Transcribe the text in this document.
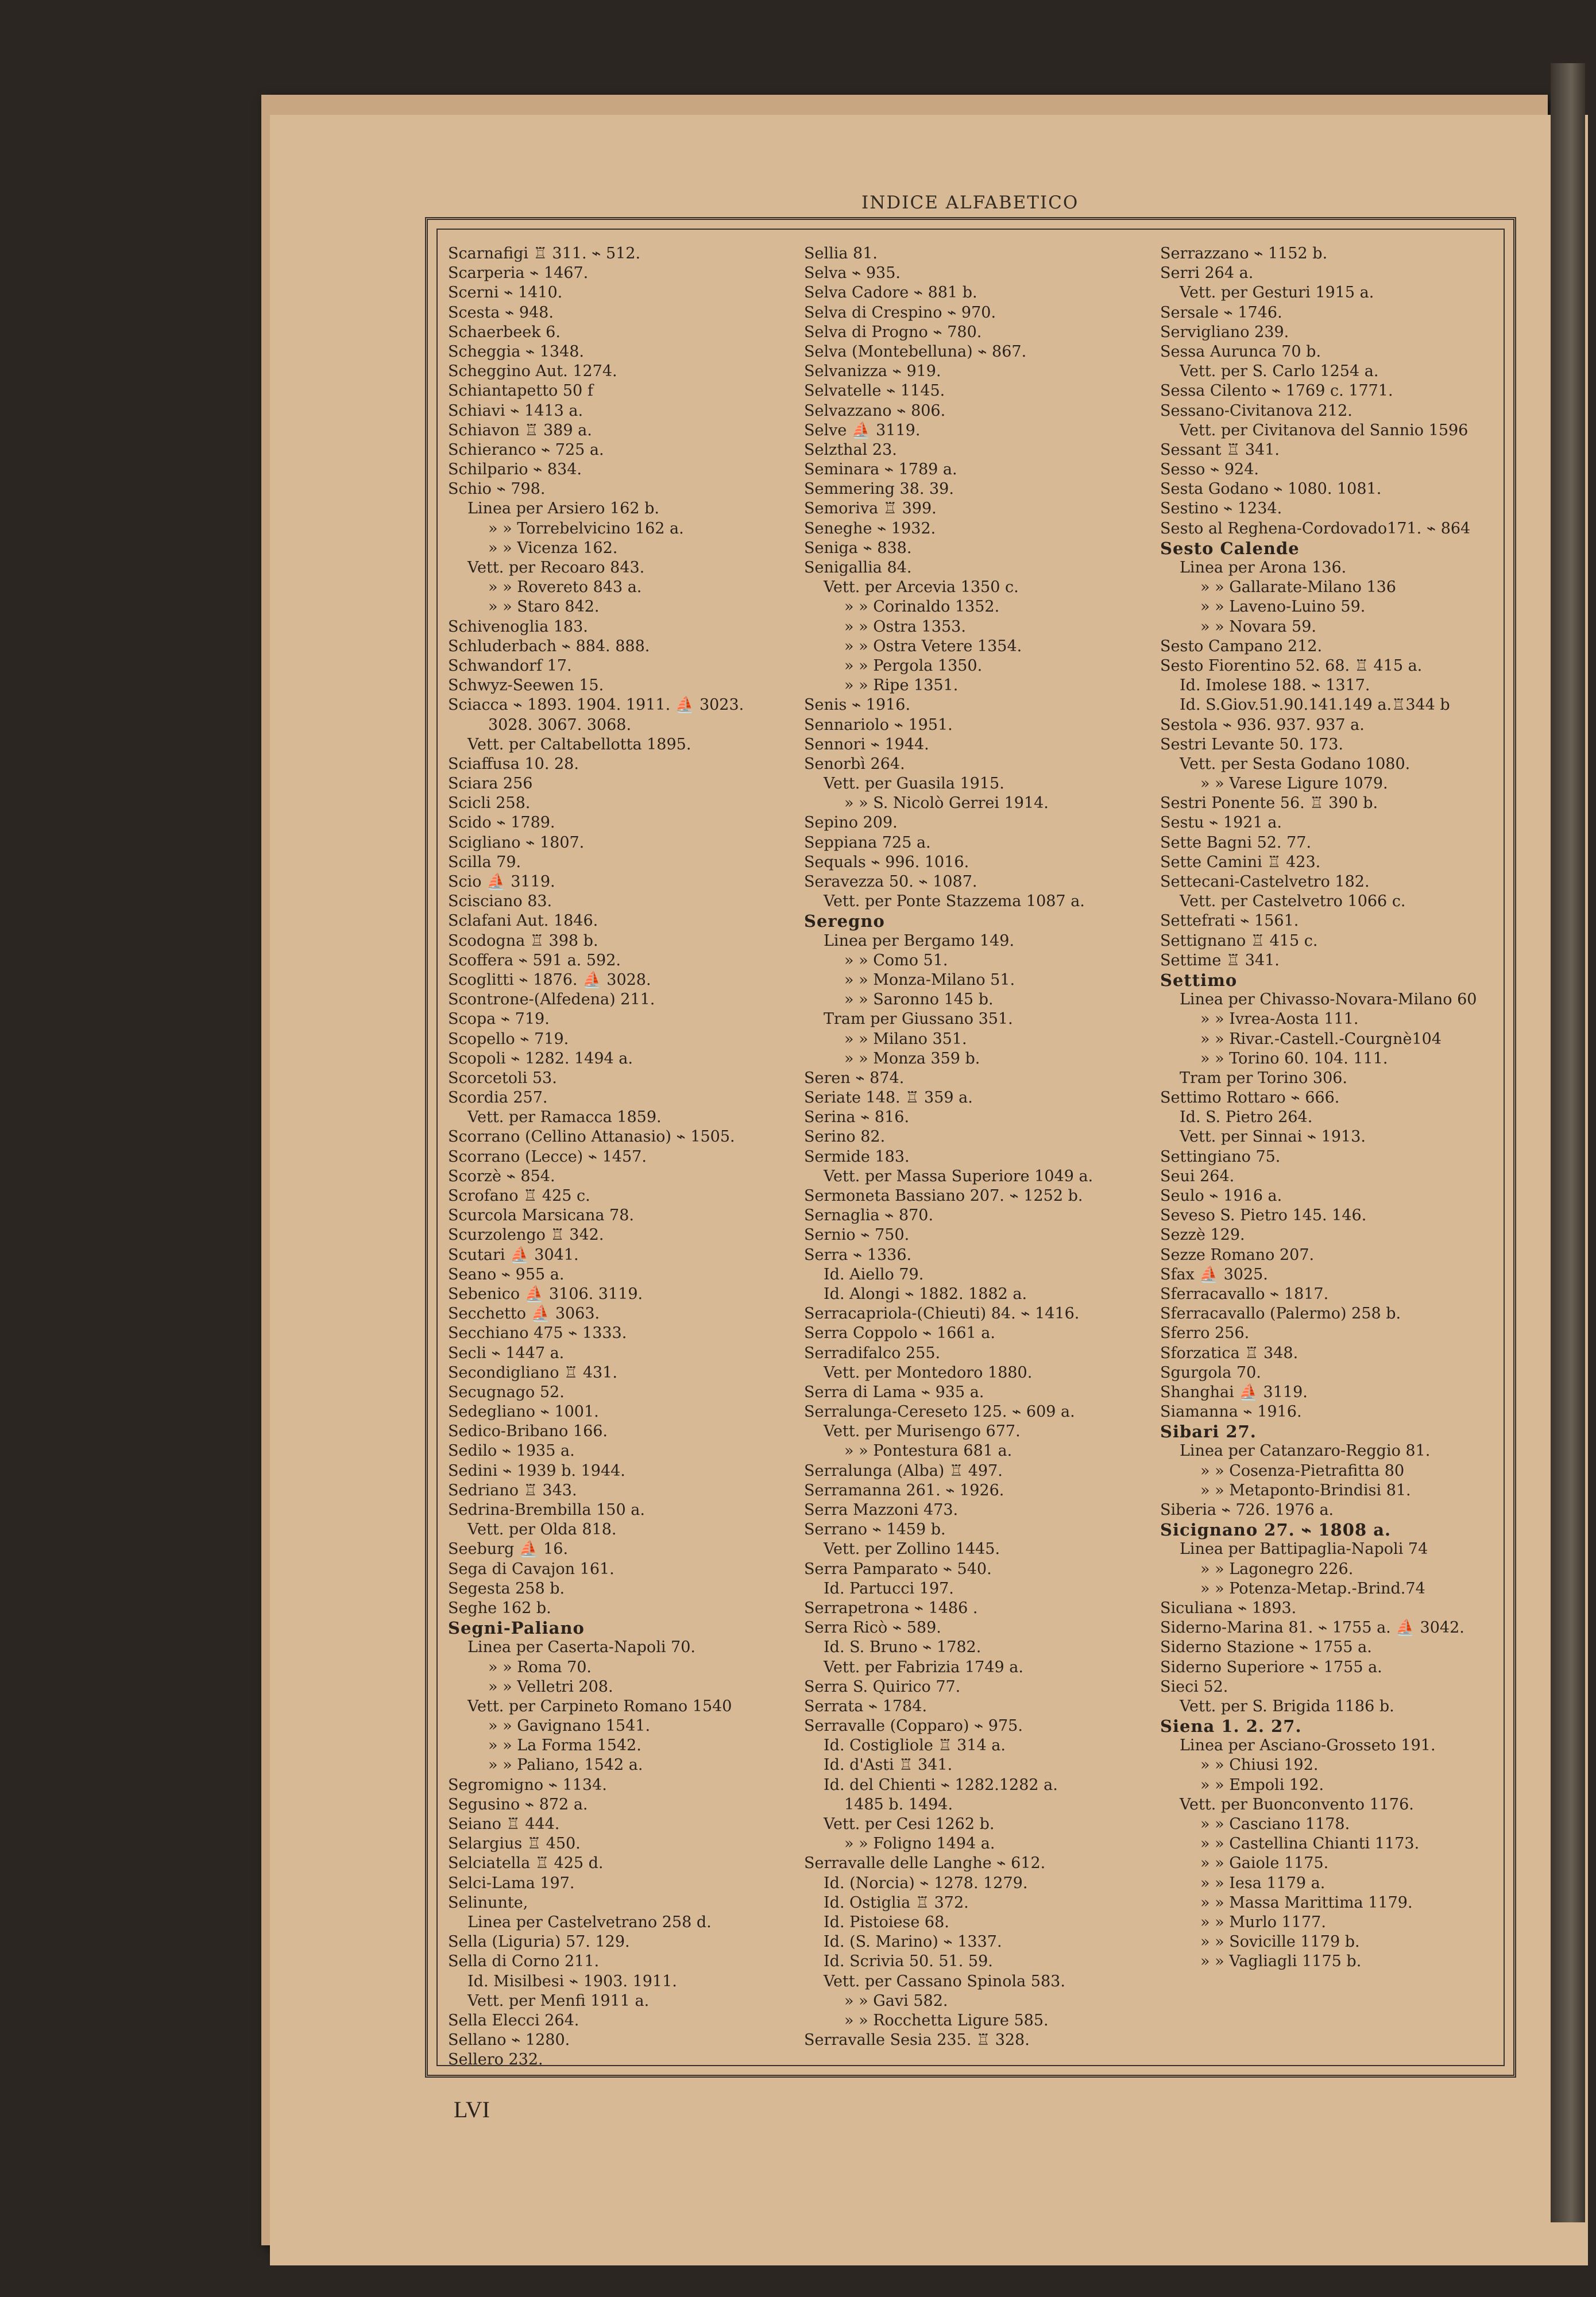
INDICE ALFABETICO
Scarnafigi ♖ 311. ⌁ 512.
Scarperia ⌁ 1467.
Scerni ⌁ 1410.
Scesta ⌁ 948.
Schaerbeek 6.
Scheggia ⌁ 1348.
Scheggino Aut. 1274.
Schiantapetto 50 f
Schiavi ⌁ 1413 a.
Schiavon ♖ 389 a.
Schieranco ⌁ 725 a.
Schilpario ⌁ 834.
Schio ⌁ 798.
Linea per Arsiero 162 b.
» » Torrebelvicino 162 a.
» » Vicenza 162.
Vett. per Recoaro 843.
» » Rovereto 843 a.
» » Staro 842.
Schivenoglia 183.
Schluderbach ⌁ 884. 888.
Schwandorf 17.
Schwyz-Seewen 15.
Sciacca ⌁ 1893. 1904. 1911. ⛵ 3023.
3028. 3067. 3068.
Vett. per Caltabellotta 1895.
Sciaffusa 10. 28.
Sciara 256
Scicli 258.
Scido ⌁ 1789.
Scigliano ⌁ 1807.
Scilla 79.
Scio ⛵ 3119.
Scisciano 83.
Sclafani Aut. 1846.
Scodogna ♖ 398 b.
Scoffera ⌁ 591 a. 592.
Scoglitti ⌁ 1876. ⛵ 3028.
Scontrone-(Alfedena) 211.
Scopa ⌁ 719.
Scopello ⌁ 719.
Scopoli ⌁ 1282. 1494 a.
Scorcetoli 53.
Scordia 257.
Vett. per Ramacca 1859.
Scorrano (Cellino Attanasio) ⌁ 1505.
Scorrano (Lecce) ⌁ 1457.
Scorzè ⌁ 854.
Scrofano ♖ 425 c.
Scurcola Marsicana 78.
Scurzolengo ♖ 342.
Scutari ⛵ 3041.
Seano ⌁ 955 a.
Sebenico ⛵ 3106. 3119.
Secchetto ⛵ 3063.
Secchiano 475 ⌁ 1333.
Secli ⌁ 1447 a.
Secondigliano ♖ 431.
Secugnago 52.
Sedegliano ⌁ 1001.
Sedico-Bribano 166.
Sedilo ⌁ 1935 a.
Sedini ⌁ 1939 b. 1944.
Sedriano ♖ 343.
Sedrina-Brembilla 150 a.
Vett. per Olda 818.
Seeburg ⛵ 16.
Sega di Cavajon 161.
Segesta 258 b.
Seghe 162 b.
Segni-Paliano
Linea per Caserta-Napoli 70.
» » Roma 70.
» » Velletri 208.
Vett. per Carpineto Romano 1540
» » Gavignano 1541.
» » La Forma 1542.
» » Paliano, 1542 a.
Segromigno ⌁ 1134.
Segusino ⌁ 872 a.
Seiano ♖ 444.
Selargius ♖ 450.
Selciatella ♖ 425 d.
Selci-Lama 197.
Selinunte,
Linea per Castelvetrano 258 d.
Sella (Liguria) 57. 129.
Sella di Corno 211.
Id. Misilbesi ⌁ 1903. 1911.
Vett. per Menfi 1911 a.
Sella Elecci 264.
Sellano ⌁ 1280.
Sellero 232.
Sellia 81.
Selva ⌁ 935.
Selva Cadore ⌁ 881 b.
Selva di Crespino ⌁ 970.
Selva di Progno ⌁ 780.
Selva (Montebelluna) ⌁ 867.
Selvanizza ⌁ 919.
Selvatelle ⌁ 1145.
Selvazzano ⌁ 806.
Selve ⛵ 3119.
Selzthal 23.
Seminara ⌁ 1789 a.
Semmering 38. 39.
Semoriva ♖ 399.
Seneghe ⌁ 1932.
Seniga ⌁ 838.
Senigallia 84.
Vett. per Arcevia 1350 c.
» » Corinaldo 1352.
» » Ostra 1353.
» » Ostra Vetere 1354.
» » Pergola 1350.
» » Ripe 1351.
Senis ⌁ 1916.
Sennariolo ⌁ 1951.
Sennori ⌁ 1944.
Senorbì 264.
Vett. per Guasila 1915.
» » S. Nicolò Gerrei 1914.
Sepino 209.
Seppiana 725 a.
Sequals ⌁ 996. 1016.
Seravezza 50. ⌁ 1087.
Vett. per Ponte Stazzema 1087 a.
Seregno
Linea per Bergamo 149.
» » Como 51.
» » Monza-Milano 51.
» » Saronno 145 b.
Tram per Giussano 351.
» » Milano 351.
» » Monza 359 b.
Seren ⌁ 874.
Seriate 148. ♖ 359 a.
Serina ⌁ 816.
Serino 82.
Sermide 183.
Vett. per Massa Superiore 1049 a.
Sermoneta Bassiano 207. ⌁ 1252 b.
Sernaglia ⌁ 870.
Sernio ⌁ 750.
Serra ⌁ 1336.
Id. Aiello 79.
Id. Alongi ⌁ 1882. 1882 a.
Serracapriola-(Chieuti) 84. ⌁ 1416.
Serra Coppolo ⌁ 1661 a.
Serradifalco 255.
Vett. per Montedoro 1880.
Serra di Lama ⌁ 935 a.
Serralunga-Cereseto 125. ⌁ 609 a.
Vett. per Murisengo 677.
» » Pontestura 681 a.
Serralunga (Alba) ♖ 497.
Serramanna 261. ⌁ 1926.
Serra Mazzoni 473.
Serrano ⌁ 1459 b.
Vett. per Zollino 1445.
Serra Pamparato ⌁ 540.
Id. Partucci 197.
Serrapetrona ⌁ 1486 .
Serra Ricò ⌁ 589.
Id. S. Bruno ⌁ 1782.
Vett. per Fabrizia 1749 a.
Serra S. Quirico 77.
Serrata ⌁ 1784.
Serravalle (Copparo) ⌁ 975.
Id. Costigliole ♖ 314 a.
Id. d'Asti ♖ 341.
Id. del Chienti ⌁ 1282.1282 a.
1485 b. 1494.
Vett. per Cesi 1262 b.
» » Foligno 1494 a.
Serravalle delle Langhe ⌁ 612.
Id. (Norcia) ⌁ 1278. 1279.
Id. Ostiglia ♖ 372.
Id. Pistoiese 68.
Id. (S. Marino) ⌁ 1337.
Id. Scrivia 50. 51. 59.
Vett. per Cassano Spinola 583.
» » Gavi 582.
» » Rocchetta Ligure 585.
Serravalle Sesia 235. ♖ 328.
Serrazzano ⌁ 1152 b.
Serri 264 a.
Vett. per Gesturi 1915 a.
Sersale ⌁ 1746.
Servigliano 239.
Sessa Aurunca 70 b.
Vett. per S. Carlo 1254 a.
Sessa Cilento ⌁ 1769 c. 1771.
Sessano-Civitanova 212.
Vett. per Civitanova del Sannio 1596
Sessant ♖ 341.
Sesso ⌁ 924.
Sesta Godano ⌁ 1080. 1081.
Sestino ⌁ 1234.
Sesto al Reghena-Cordovado171. ⌁ 864
Sesto Calende
Linea per Arona 136.
» » Gallarate-Milano 136
» » Laveno-Luino 59.
» » Novara 59.
Sesto Campano 212.
Sesto Fiorentino 52. 68. ♖ 415 a.
Id. Imolese 188. ⌁ 1317.
Id. S.Giov.51.90.141.149 a.♖344 b
Sestola ⌁ 936. 937. 937 a.
Sestri Levante 50. 173.
Vett. per Sesta Godano 1080.
» » Varese Ligure 1079.
Sestri Ponente 56. ♖ 390 b.
Sestu ⌁ 1921 a.
Sette Bagni 52. 77.
Sette Camini ♖ 423.
Settecani-Castelvetro 182.
Vett. per Castelvetro 1066 c.
Settefrati ⌁ 1561.
Settignano ♖ 415 c.
Settime ♖ 341.
Settimo
Linea per Chivasso-Novara-Milano 60
» » Ivrea-Aosta 111.
» » Rivar.-Castell.-Courgnè104
» » Torino 60. 104. 111.
Tram per Torino 306.
Settimo Rottaro ⌁ 666.
Id. S. Pietro 264.
Vett. per Sinnai ⌁ 1913.
Settingiano 75.
Seui 264.
Seulo ⌁ 1916 a.
Seveso S. Pietro 145. 146.
Sezzè 129.
Sezze Romano 207.
Sfax ⛵ 3025.
Sferracavallo ⌁ 1817.
Sferracavallo (Palermo) 258 b.
Sferro 256.
Sforzatica ♖ 348.
Sgurgola 70.
Shanghai ⛵ 3119.
Siamanna ⌁ 1916.
Sibari 27.
Linea per Catanzaro-Reggio 81.
» » Cosenza-Pietrafitta 80
» » Metaponto-Brindisi 81.
Siberia ⌁ 726. 1976 a.
Sicignano 27. ⌁ 1808 a.
Linea per Battipaglia-Napoli 74
» » Lagonegro 226.
» » Potenza-Metap.-Brind.74
Siculiana ⌁ 1893.
Siderno-Marina 81. ⌁ 1755 a. ⛵ 3042.
Siderno Stazione ⌁ 1755 a.
Siderno Superiore ⌁ 1755 a.
Sieci 52.
Vett. per S. Brigida 1186 b.
Siena 1. 2. 27.
Linea per Asciano-Grosseto 191.
» » Chiusi 192.
» » Empoli 192.
Vett. per Buonconvento 1176.
» » Casciano 1178.
» » Castellina Chianti 1173.
» » Gaiole 1175.
» » Iesa 1179 a.
» » Massa Marittima 1179.
» » Murlo 1177.
» » Sovicille 1179 b.
» » Vagliagli 1175 b.
LVI
